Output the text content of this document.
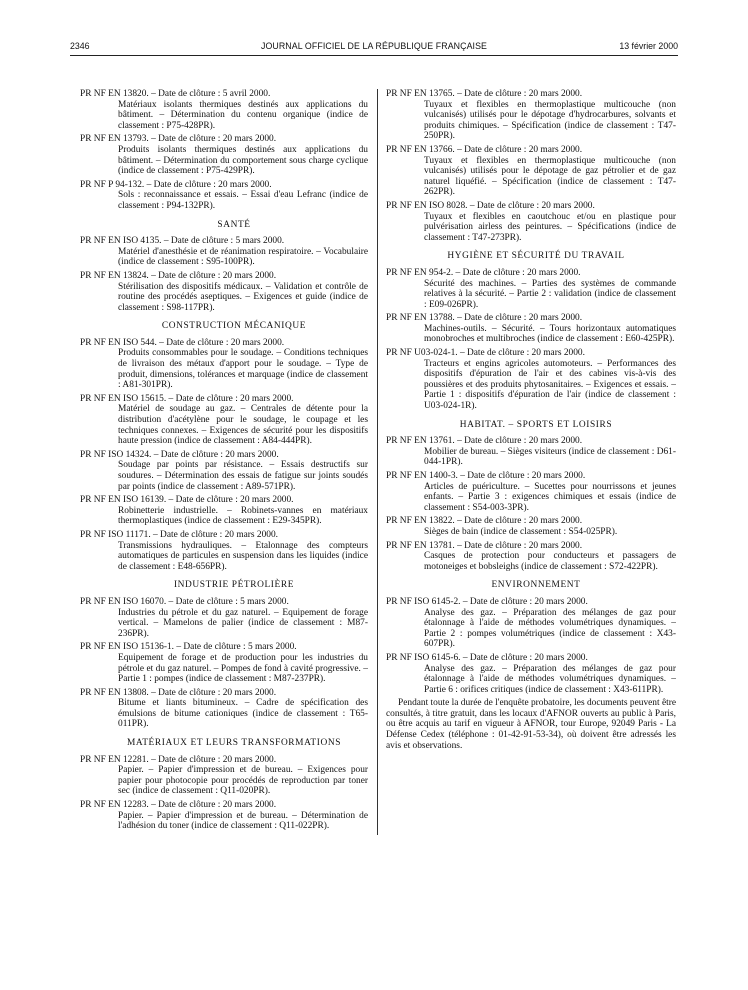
2346	JOURNAL OFFICIEL DE LA RÉPUBLIQUE FRANÇAISE	13 février 2000
PR NF EN 13820. – Date de clôture : 5 avril 2000.
Matériaux isolants thermiques destinés aux applications du bâtiment. – Détermination du contenu organique (indice de classement : P75-428PR).
PR NF EN 13793. – Date de clôture : 20 mars 2000.
Produits isolants thermiques destinés aux applications du bâtiment. – Détermination du comportement sous charge cyclique (indice de classement : P75-429PR).
PR NF P 94-132. – Date de clôture : 20 mars 2000.
Sols : reconnaissance et essais. – Essai d'eau Lefranc (indice de classement : P94-132PR).
SANTÉ
PR NF EN ISO 4135. – Date de clôture : 5 mars 2000.
Matériel d'anesthésie et de réanimation respiratoire. – Vocabulaire (indice de classement : S95-100PR).
PR NF EN 13824. – Date de clôture : 20 mars 2000.
Stérilisation des dispositifs médicaux. – Validation et contrôle de routine des procédés aseptiques. – Exigences et guide (indice de classement : S98-117PR).
CONSTRUCTION MÉCANIQUE
PR NF EN ISO 544. – Date de clôture : 20 mars 2000.
Produits consommables pour le soudage. – Conditions techniques de livraison des métaux d'apport pour le soudage. – Type de produit, dimensions, tolérances et marquage (indice de classement : A81-301PR).
PR NF EN ISO 15615. – Date de clôture : 20 mars 2000.
Matériel de soudage au gaz. – Centrales de détente pour la distribution d'acétylène pour le soudage, le coupage et les techniques connexes. – Exigences de sécurité pour les dispositifs haute pression (indice de classement : A84-444PR).
PR NF ISO 14324. – Date de clôture : 20 mars 2000.
Soudage par points par résistance. – Essais destructifs sur soudures. – Détermination des essais de fatigue sur joints soudés par points (indice de classement : A89-571PR).
PR NF EN ISO 16139. – Date de clôture : 20 mars 2000.
Robinetterie industrielle. – Robinets-vannes en matériaux thermoplastiques (indice de classement : E29-345PR).
PR NF ISO 11171. – Date de clôture : 20 mars 2000.
Transmissions hydrauliques. – Etalonnage des compteurs automatiques de particules en suspension dans les liquides (indice de classement : E48-656PR).
INDUSTRIE PÉTROLIÈRE
PR NF EN ISO 16070. – Date de clôture : 5 mars 2000.
Industries du pétrole et du gaz naturel. – Equipement de forage vertical. – Mamelons de palier (indice de classement : M87-236PR).
PR NF EN ISO 15136-1. – Date de clôture : 5 mars 2000.
Equipement de forage et de production pour les industries du pétrole et du gaz naturel. – Pompes de fond à cavité progressive. – Partie 1 : pompes (indice de classement : M87-237PR).
PR NF EN 13808. – Date de clôture : 20 mars 2000.
Bitume et liants bitumineux. – Cadre de spécification des émulsions de bitume cationiques (indice de classement : T65-011PR).
MATÉRIAUX ET LEURS TRANSFORMATIONS
PR NF EN 12281. – Date de clôture : 20 mars 2000.
Papier. – Papier d'impression et de bureau. – Exigences pour papier pour photocopie pour procédés de reproduction par toner sec (indice de classement : Q11-020PR).
PR NF EN 12283. – Date de clôture : 20 mars 2000.
Papier. – Papier d'impression et de bureau. – Détermination de l'adhésion du toner (indice de classement : Q11-022PR).
PR NF EN 13765. – Date de clôture : 20 mars 2000.
Tuyaux et flexibles en thermoplastique multicouche (non vulcanisés) utilisés pour le dépotage d'hydrocarbures, solvants et produits chimiques. – Spécification (indice de classement : T47-250PR).
PR NF EN 13766. – Date de clôture : 20 mars 2000.
Tuyaux et flexibles en thermoplastique multicouche (non vulcanisés) utilisés pour le dépotage de gaz pétrolier et de gaz naturel liquéfié. – Spécification (indice de classement : T47-262PR).
PR NF EN ISO 8028. – Date de clôture : 20 mars 2000.
Tuyaux et flexibles en caoutchouc et/ou en plastique pour pulvérisation airless des peintures. – Spécifications (indice de classement : T47-273PR).
HYGIÈNE ET SÉCURITÉ DU TRAVAIL
PR NF EN 954-2. – Date de clôture : 20 mars 2000.
Sécurité des machines. – Parties des systèmes de commande relatives à la sécurité. – Partie 2 : validation (indice de classement : E09-026PR).
PR NF EN 13788. – Date de clôture : 20 mars 2000.
Machines-outils. – Sécurité. – Tours horizontaux automatiques monobroches et multibroches (indice de classement : E60-425PR).
PR NF U03-024-1. – Date de clôture : 20 mars 2000.
Tracteurs et engins agricoles automoteurs. – Performances des dispositifs d'épuration de l'air et des cabines vis-à-vis des poussières et des produits phytosanitaires. – Exigences et essais. – Partie 1 : dispositifs d'épuration de l'air (indice de classement : U03-024-1R).
HABITAT. – SPORTS ET LOISIRS
PR NF EN 13761. – Date de clôture : 20 mars 2000.
Mobilier de bureau. – Sièges visiteurs (indice de classement : D61-044-1PR).
PR NF EN 1400-3. – Date de clôture : 20 mars 2000.
Articles de puériculture. – Sucettes pour nourrissons et jeunes enfants. – Partie 3 : exigences chimiques et essais (indice de classement : S54-003-3PR).
PR NF EN 13822. – Date de clôture : 20 mars 2000.
Sièges de bain (indice de classement : S54-025PR).
PR NF EN 13781. – Date de clôture : 20 mars 2000.
Casques de protection pour conducteurs et passagers de motoneiges et bobsleighs (indice de classement : S72-422PR).
ENVIRONNEMENT
PR NF ISO 6145-2. – Date de clôture : 20 mars 2000.
Analyse des gaz. – Préparation des mélanges de gaz pour étalonnage à l'aide de méthodes volumétriques dynamiques. – Partie 2 : pompes volumétriques (indice de classement : X43-607PR).
PR NF ISO 6145-6. – Date de clôture : 20 mars 2000.
Analyse des gaz. – Préparation des mélanges de gaz pour étalonnage à l'aide de méthodes volumétriques dynamiques. – Partie 6 : orifices critiques (indice de classement : X43-611PR).
Pendant toute la durée de l'enquête probatoire, les documents peuvent être consultés, à titre gratuit, dans les locaux d'AFNOR ouverts au public à Paris, ou être acquis au tarif en vigueur à AFNOR, tour Europe, 92049 Paris - La Défense Cedex (téléphone : 01-42-91-53-34), où doivent être adressés les avis et observations.
